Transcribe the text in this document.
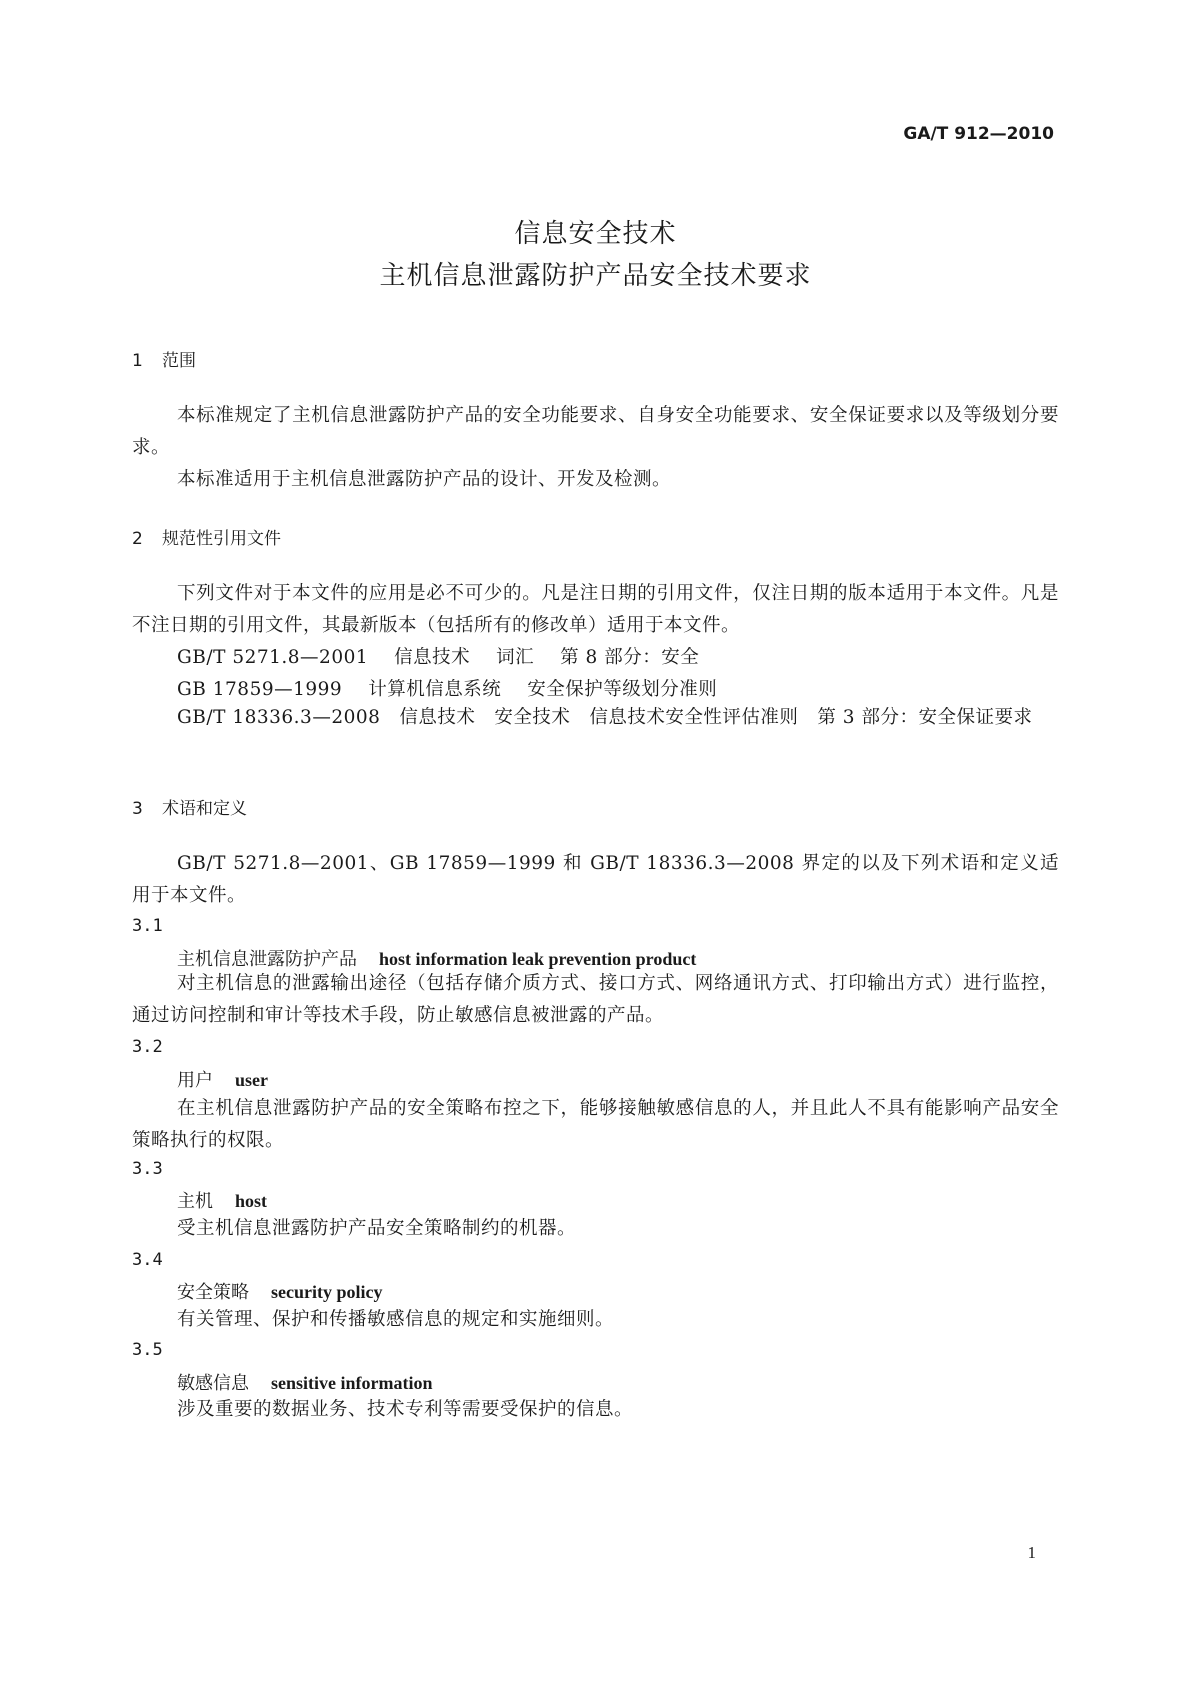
GA/T 912—2010
信息安全技术
主机信息泄露防护产品安全技术要求
1 范围
本标准规定了主机信息泄露防护产品的安全功能要求、自身安全功能要求、安全保证要求以及等级划分要求。
本标准适用于主机信息泄露防护产品的设计、开发及检测。
2 规范性引用文件
下列文件对于本文件的应用是必不可少的。凡是注日期的引用文件，仅注日期的版本适用于本文件。凡是不注日期的引用文件，其最新版本（包括所有的修改单）适用于本文件。
GB/T 5271.8—2001 信息技术 词汇 第 8 部分：安全
GB 17859—1999 计算机信息系统 安全保护等级划分准则
GB/T 18336.3—2008　信息技术　安全技术　信息技术安全性评估准则　第 3 部分：安全保证要求
3 术语和定义
GB/T 5271.8—2001、GB 17859—1999 和 GB/T 18336.3—2008 界定的以及下列术语和定义适用于本文件。
3.1
主机信息泄露防护产品 host information leak prevention product
对主机信息的泄露输出途径（包括存储介质方式、接口方式、网络通讯方式、打印输出方式）进行监控，通过访问控制和审计等技术手段，防止敏感信息被泄露的产品。
3.2
用户 user
在主机信息泄露防护产品的安全策略布控之下，能够接触敏感信息的人，并且此人不具有能影响产品安全策略执行的权限。
3.3
主机 host
受主机信息泄露防护产品安全策略制约的机器。
3.4
安全策略 security policy
有关管理、保护和传播敏感信息的规定和实施细则。
3.5
敏感信息 sensitive information
涉及重要的数据业务、技术专利等需要受保护的信息。
1
